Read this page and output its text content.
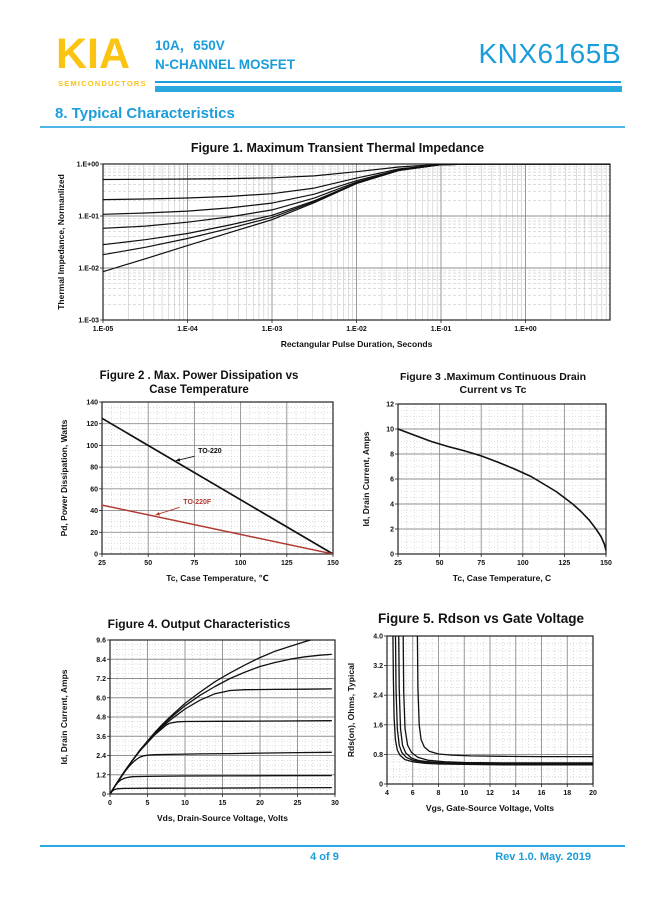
KIA
SEMICONDUCTORS
10A，650V
N-CHANNEL MOSFET	KNX6165B
8. Typical Characteristics
Figure 1. Maximum Transient Thermal Impedance
1.E-05	1.E-04	1.E-03	1.E-02	1.E-01	1.E+00
1.E+00
1.E-01
1.E-02
1.E-03
Rectangular Pulse Duration, Seconds
Thermal Impedance, Normanlized
Figure 2 . Max. Power Dissipation vs
Case Temperature
TO-220
TO-220F
25	50	75	100	125	150
0
20
40
60
80
100
120
140
Tc, Case Temperature, ℃
Pd, Power Dissipation, Watts
Figure 3 .Maximum Continuous Drain
Current vs Tc
25	50	75	100	125	150
0
2
4
6
8
10
12
Tc, Case Temperature, C
Id, Drain Current, Amps
Figure 4. Output Characteristics
0	5	10	15	20	25	30
0
1.2
2.4
3.6
4.8
6.0
7.2
8.4
9.6
Vds, Drain-Source Voltage, Volts
Id, Drain Current, Amps
Figure 5. Rdson vs Gate Voltage
4	6	8	10	12	14	16	18	20
0
0.8
1.6
2.4
3.2
4.0
Vgs, Gate-Source Voltage, Volts
Rds(on), Ohms, Typical
4 of 9	Rev 1.0. May. 2019
